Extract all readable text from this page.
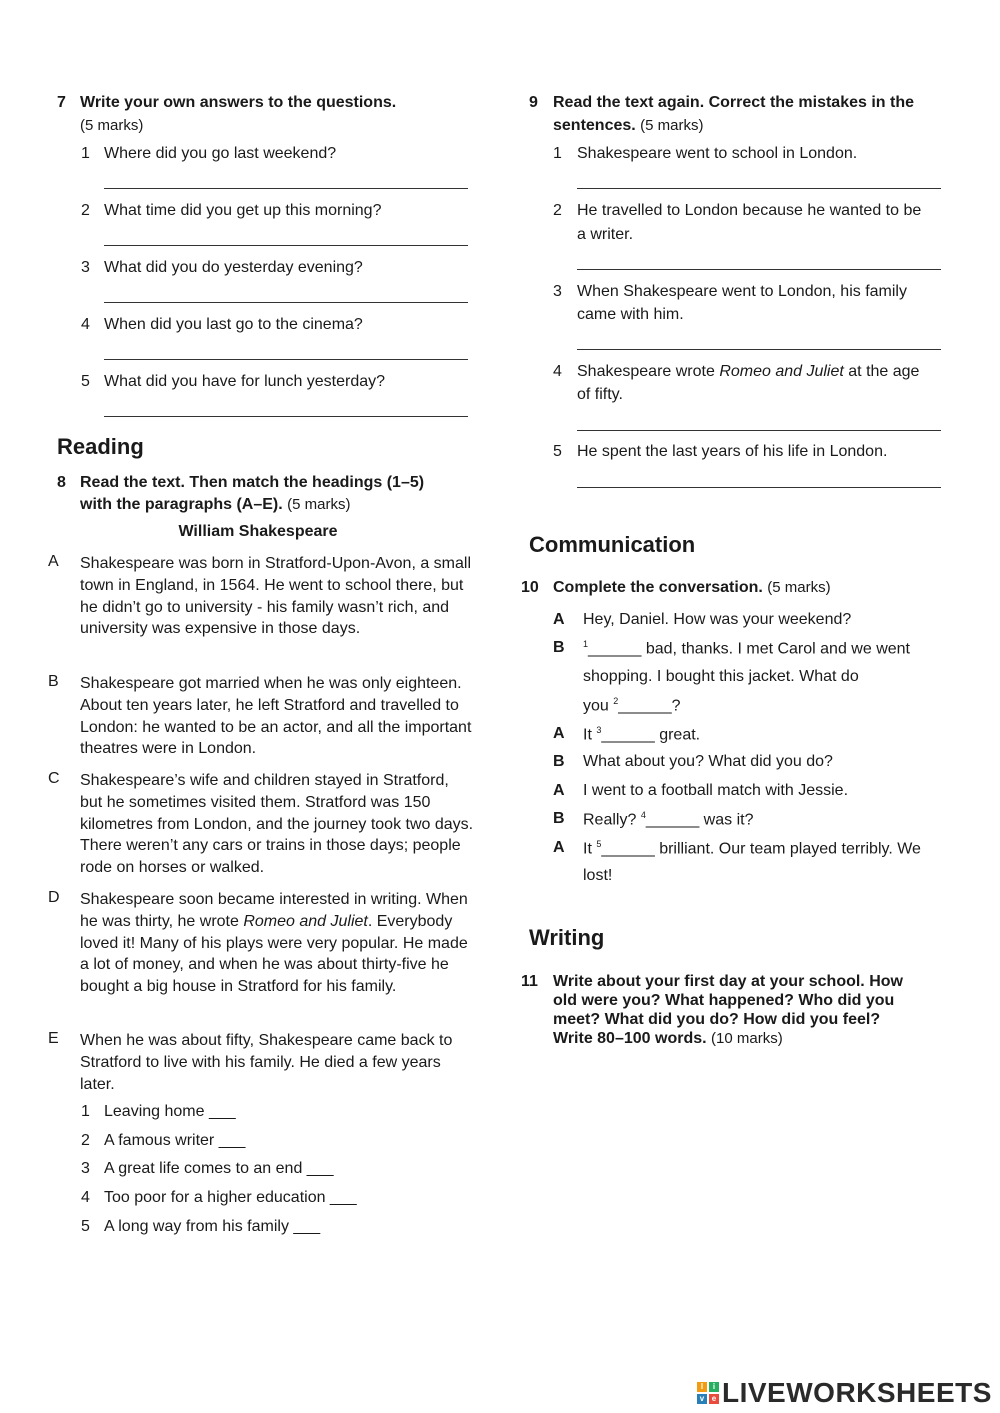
7 Write your own answers to the questions.
(5 marks)
1 Where did you go last weekend?
2 What time did you get up this morning?
3 What did you do yesterday evening?
4 When did you last go to the cinema?
5 What did you have for lunch yesterday?
Reading
8 Read the text. Then match the headings (1–5)
with the paragraphs (A–E). (5 marks)
William Shakespeare
A Shakespeare was born in Stratford-Upon-Avon, a small town in England, in 1564. He went to school there, but he didn’t go to university - his family wasn’t rich, and university was expensive in those days.
B Shakespeare got married when he was only eighteen. About ten years later, he left Stratford and travelled to London: he wanted to be an actor, and all the important theatres were in London.
C Shakespeare’s wife and children stayed in Stratford, but he sometimes visited them. Stratford was 150 kilometres from London, and the journey took two days. There weren’t any cars or trains in those days; people rode on horses or walked.
D Shakespeare soon became interested in writing. When he was thirty, he wrote Romeo and Juliet. Everybody loved it! Many of his plays were very popular. He made a lot of money, and when he was about thirty-five he bought a big house in Stratford for his family.
E When he was about fifty, Shakespeare came back to Stratford to live with his family. He died a few years later.
1 Leaving home ___
2 A famous writer ___
3 A great life comes to an end ___
4 Too poor for a higher education ___
5 A long way from his family ___
9 Read the text again. Correct the mistakes in the
sentences. (5 marks)
1 Shakespeare went to school in London.
2 He travelled to London because he wanted to be
a writer.
3 When Shakespeare went to London, his family
came with him.
4 Shakespeare wrote Romeo and Juliet at the age
of fifty.
5 He spent the last years of his life in London.
Communication
10 Complete the conversation. (5 marks)
A Hey, Daniel. How was your weekend?
B $^1$______ bad, thanks. I met Carol and we went
shopping. I bought this jacket. What do
you $^2$______?
A It $^3$______ great.
B What about you? What did you do?
A I went to a football match with Jessie.
B Really? $^4$______ was it?
A It $^5$______ brilliant. Our team played terribly. We
lost!
Writing
11 Write about your first day at your school. How
old were you? What happened? Who did you
meet? What did you do? How did you feel?
Write 80–100 words. (10 marks)
l	i
v e LIVEWORKSHEETS
